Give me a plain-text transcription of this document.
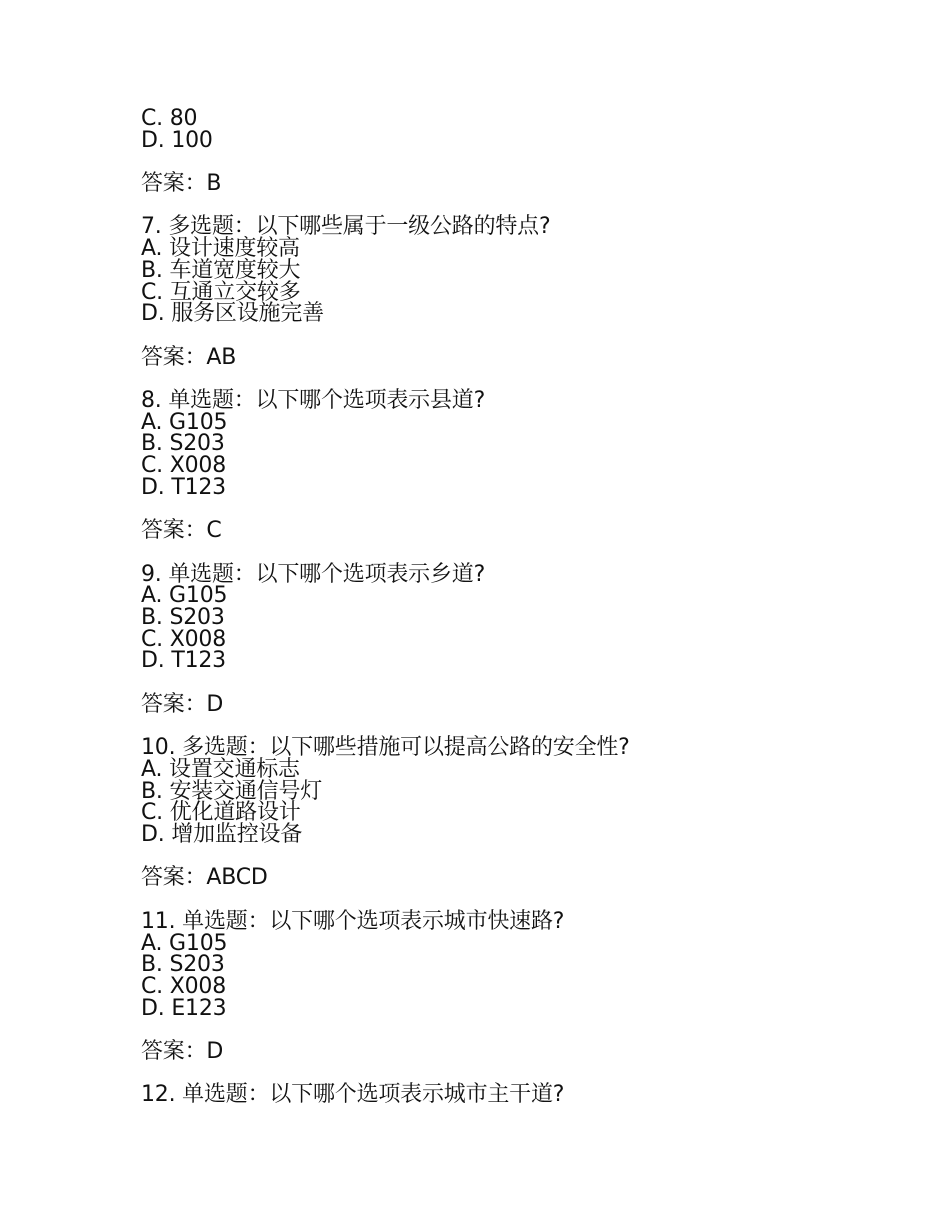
C. 80
D. 100
答案：B
7. 多选题：以下哪些属于一级公路的特点?
A. 设计速度较高
B. 车道宽度较大
C. 互通立交较多
D. 服务区设施完善
答案：AB
8. 单选题：以下哪个选项表示县道?
A. G105
B. S203
C. X008
D. T123
答案：C
9. 单选题：以下哪个选项表示乡道?
A. G105
B. S203
C. X008
D. T123
答案：D
10. 多选题：以下哪些措施可以提高公路的安全性?
A. 设置交通标志
B. 安装交通信号灯
C. 优化道路设计
D. 增加监控设备
答案：ABCD
11. 单选题：以下哪个选项表示城市快速路?
A. G105
B. S203
C. X008
D. E123
答案：D
12. 单选题：以下哪个选项表示城市主干道?
